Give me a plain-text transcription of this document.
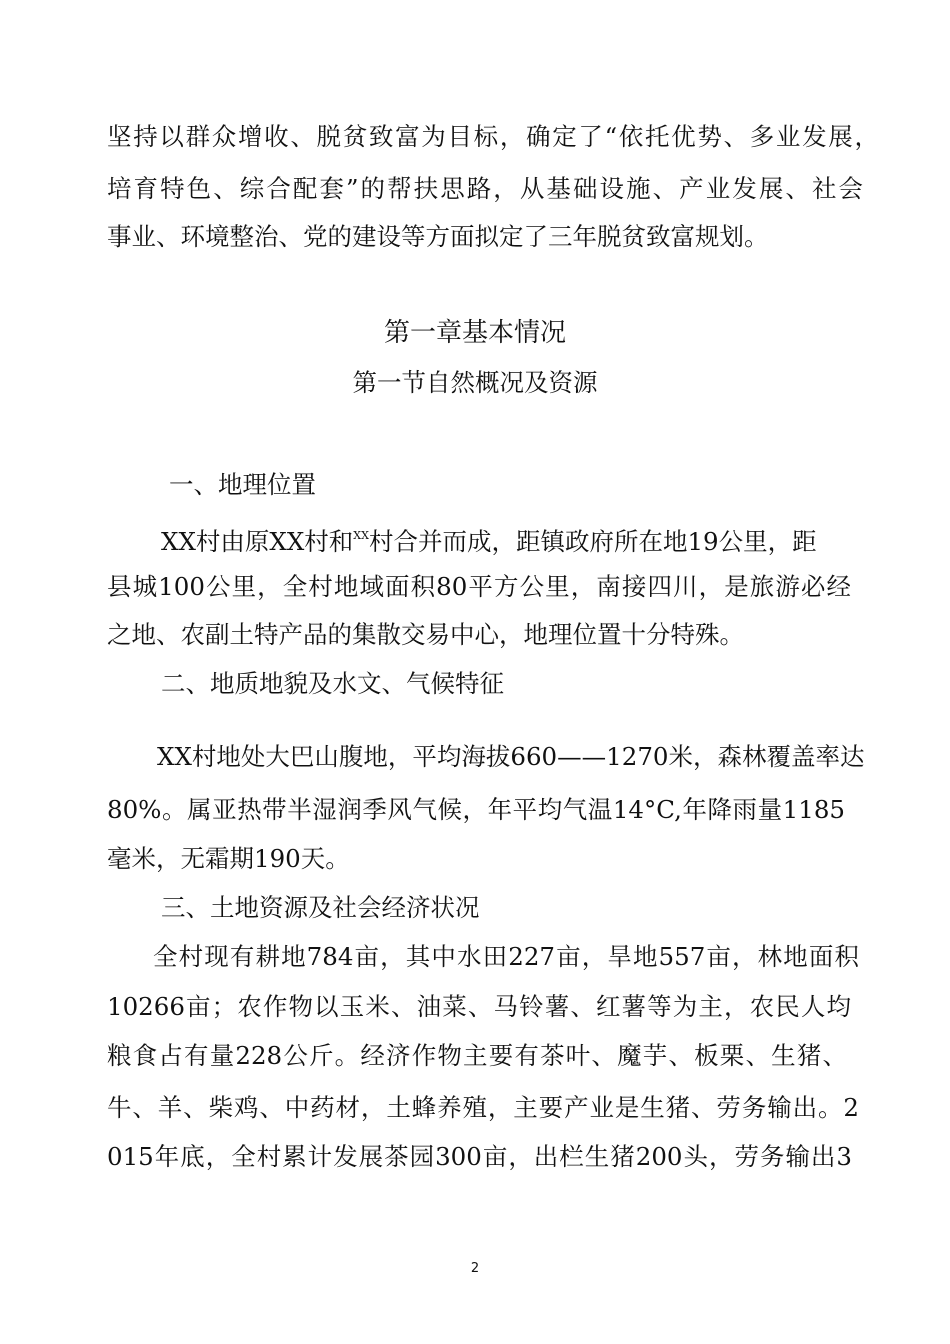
坚持以群众增收、脱贫致富为目标，确定了“依托优势、多业发展，
培育特色、综合配套”的帮扶思路，从基础设施、产业发展、社会
事业、环境整治、党的建设等方面拟定了三年脱贫致富规划。
第一章基本情况
第一节自然概况及资源
一、地理位置
XX村由原XX村和$^{XX}$村合并而成，距镇政府所在地19公里，距
县城100公里，全村地域面积80平方公里，南接四川，是旅游必经
之地、农副土特产品的集散交易中心，地理位置十分特殊。
二、地质地貌及水文、气候特征
XX村地处大巴山腹地，平均海拔660——1270米，森林覆盖率达
80%。属亚热带半湿润季风气候，年平均气温14°C,年降雨量1185
毫米，无霜期190天。
三、土地资源及社会经济状况
全村现有耕地784亩，其中水田227亩，旱地557亩，林地面积
10266亩；农作物以玉米、油菜、马铃薯、红薯等为主，农民人均
粮食占有量228公斤。经济作物主要有茶叶、魔芋、板栗、生猪、
牛、羊、柴鸡、中药材，土蜂养殖，主要产业是生猪、劳务输出。2
015年底，全村累计发展茶园300亩，出栏生猪200头，劳务输出3
2
